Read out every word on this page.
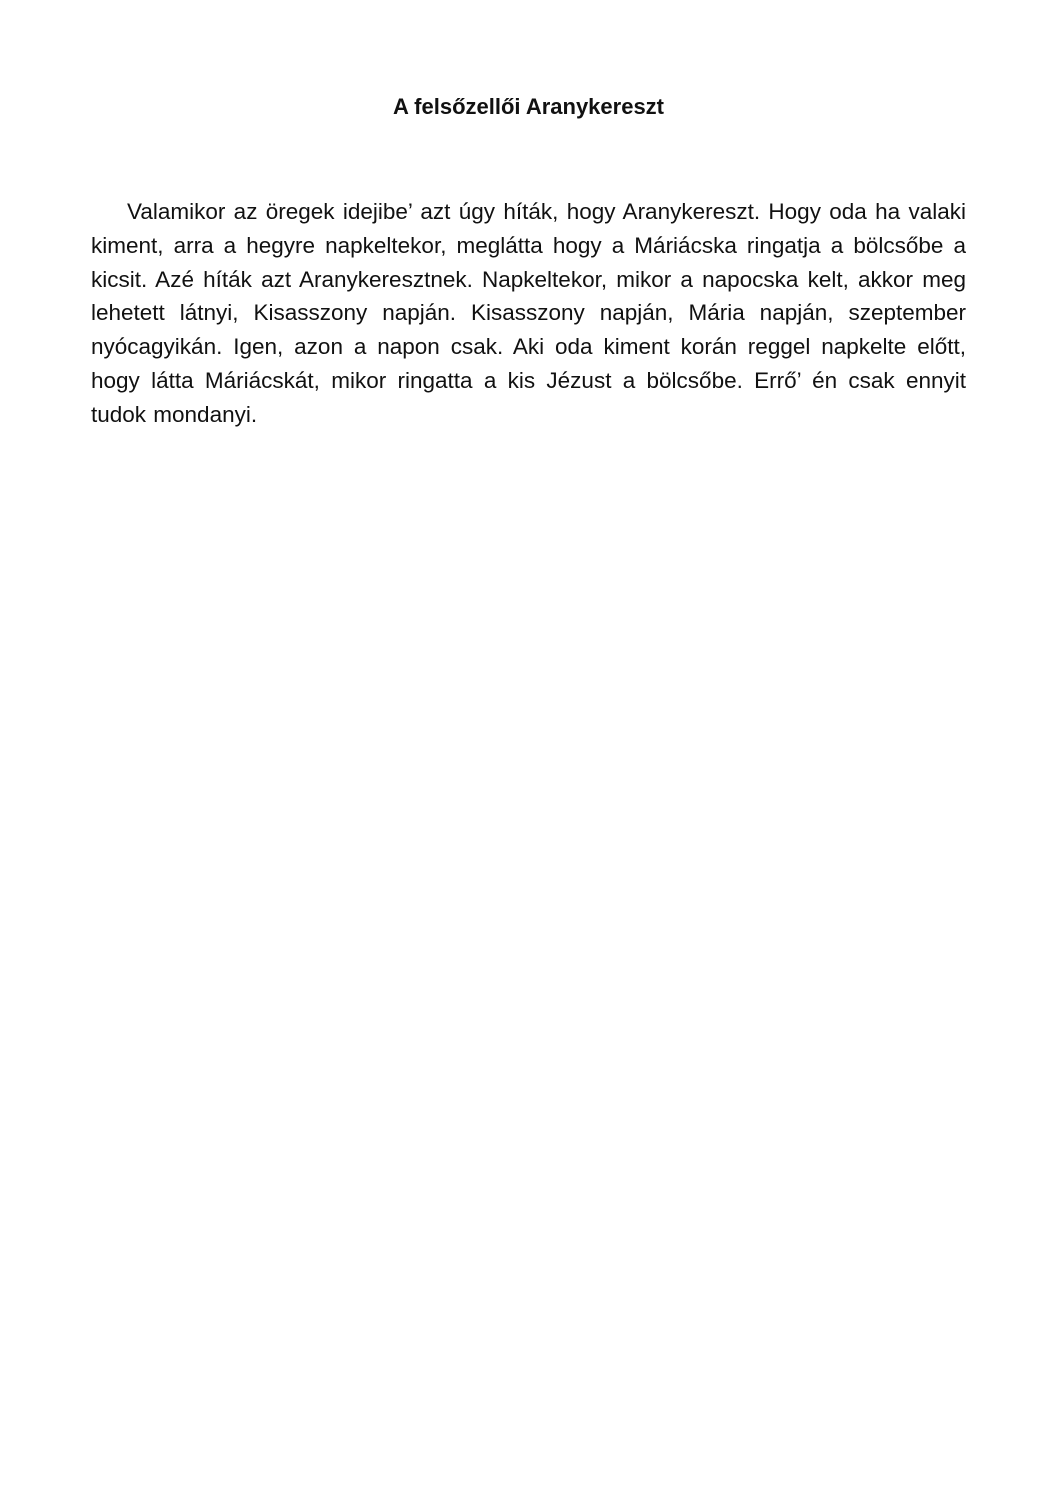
A felsőzellői Aranykereszt

Valamikor az öregek idejibe’ azt úgy híták, hogy Aranykereszt. Hogy oda ha valaki kiment, arra a hegyre napkeltekor, meglátta hogy a Máriácska ringatja a bölcsőbe a kicsit. Azé híták azt Aranykeresztnek. Napkeltekor, mikor a napocska kelt, akkor meg lehetett látnyi, Kisasszony napján. Kisasszony napján, Mária napján, szeptember nyócagyikán. Igen, azon a napon csak. Aki oda kiment korán reggel napkelte előtt, hogy látta Máriácskát, mikor ringatta a kis Jézust a bölcsőbe. Errő’ én csak ennyit tudok mondanyi.
